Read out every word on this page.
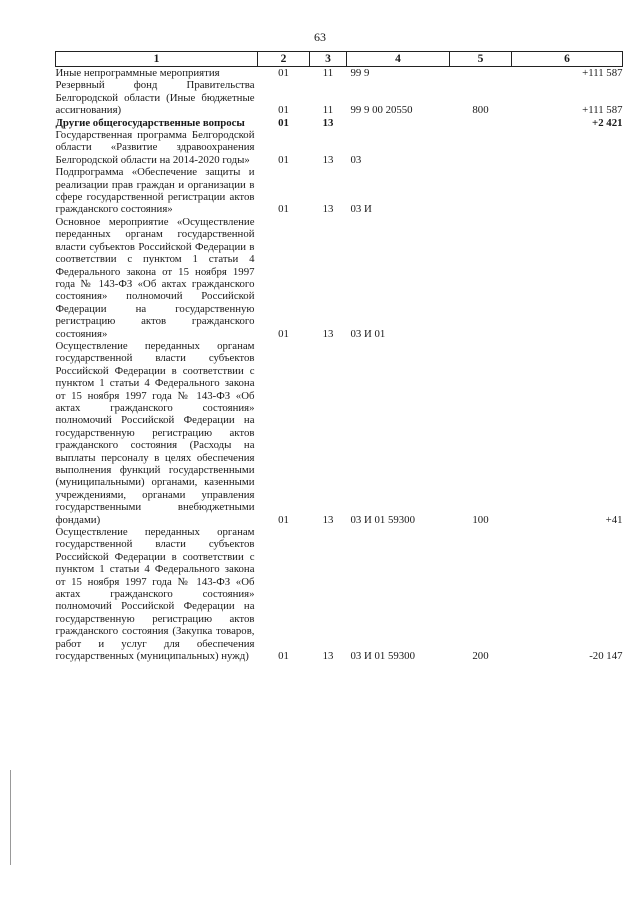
63
1	2	3	4	5	6
Иные непрограммные мероприятия	01	11	99 9		+111 587
Резервный фонд Правительства Белгородской области (Иные бюджетные ассигнования)	01	11	99 9 00 20550	800	+111 587
Другие общегосударственные вопросы	01	13			+2 421
Государственная программа Белгородской области «Развитие здравоохранения Белгородской области на 2014-2020 годы»	01	13	03		
Подпрограмма «Обеспечение защиты и реализации прав граждан и организации в сфере государственной регистрации актов гражданского состояния»	01	13	03 И		
Основное мероприятие «Осуществление переданных органам государственной власти субъектов Российской Федерации в соответствии с пунктом 1 статьи 4 Федерального закона от 15 ноября 1997 года № 143-ФЗ «Об актах гражданского состояния» полномочий Российской Федерации на государственную регистрацию актов гражданского состояния»	01	13	03 И 01		
Осуществление переданных органам государственной власти субъектов Российской Федерации в соответствии с пунктом 1 статьи 4 Федерального закона от 15 ноября 1997 года № 143-ФЗ «Об актах гражданского состояния» полномочий Российской Федерации на государственную регистрацию актов гражданского состояния (Расходы на выплаты персоналу в целях обеспечения выполнения функций государственными (муниципальными) органами, казенными учреждениями, органами управления государственными внебюджетными фондами)	01	13	03 И 01 59300	100	+41
Осуществление переданных органам государственной власти субъектов Российской Федерации в соответствии с пунктом 1 статьи 4 Федерального закона от 15 ноября 1997 года № 143-ФЗ «Об актах гражданского состояния» полномочий Российской Федерации на государственную регистрацию актов гражданского состояния (Закупка товаров, работ и услуг для обеспечения государственных (муниципальных) нужд)	01	13	03 И 01 59300	200	-20 147
